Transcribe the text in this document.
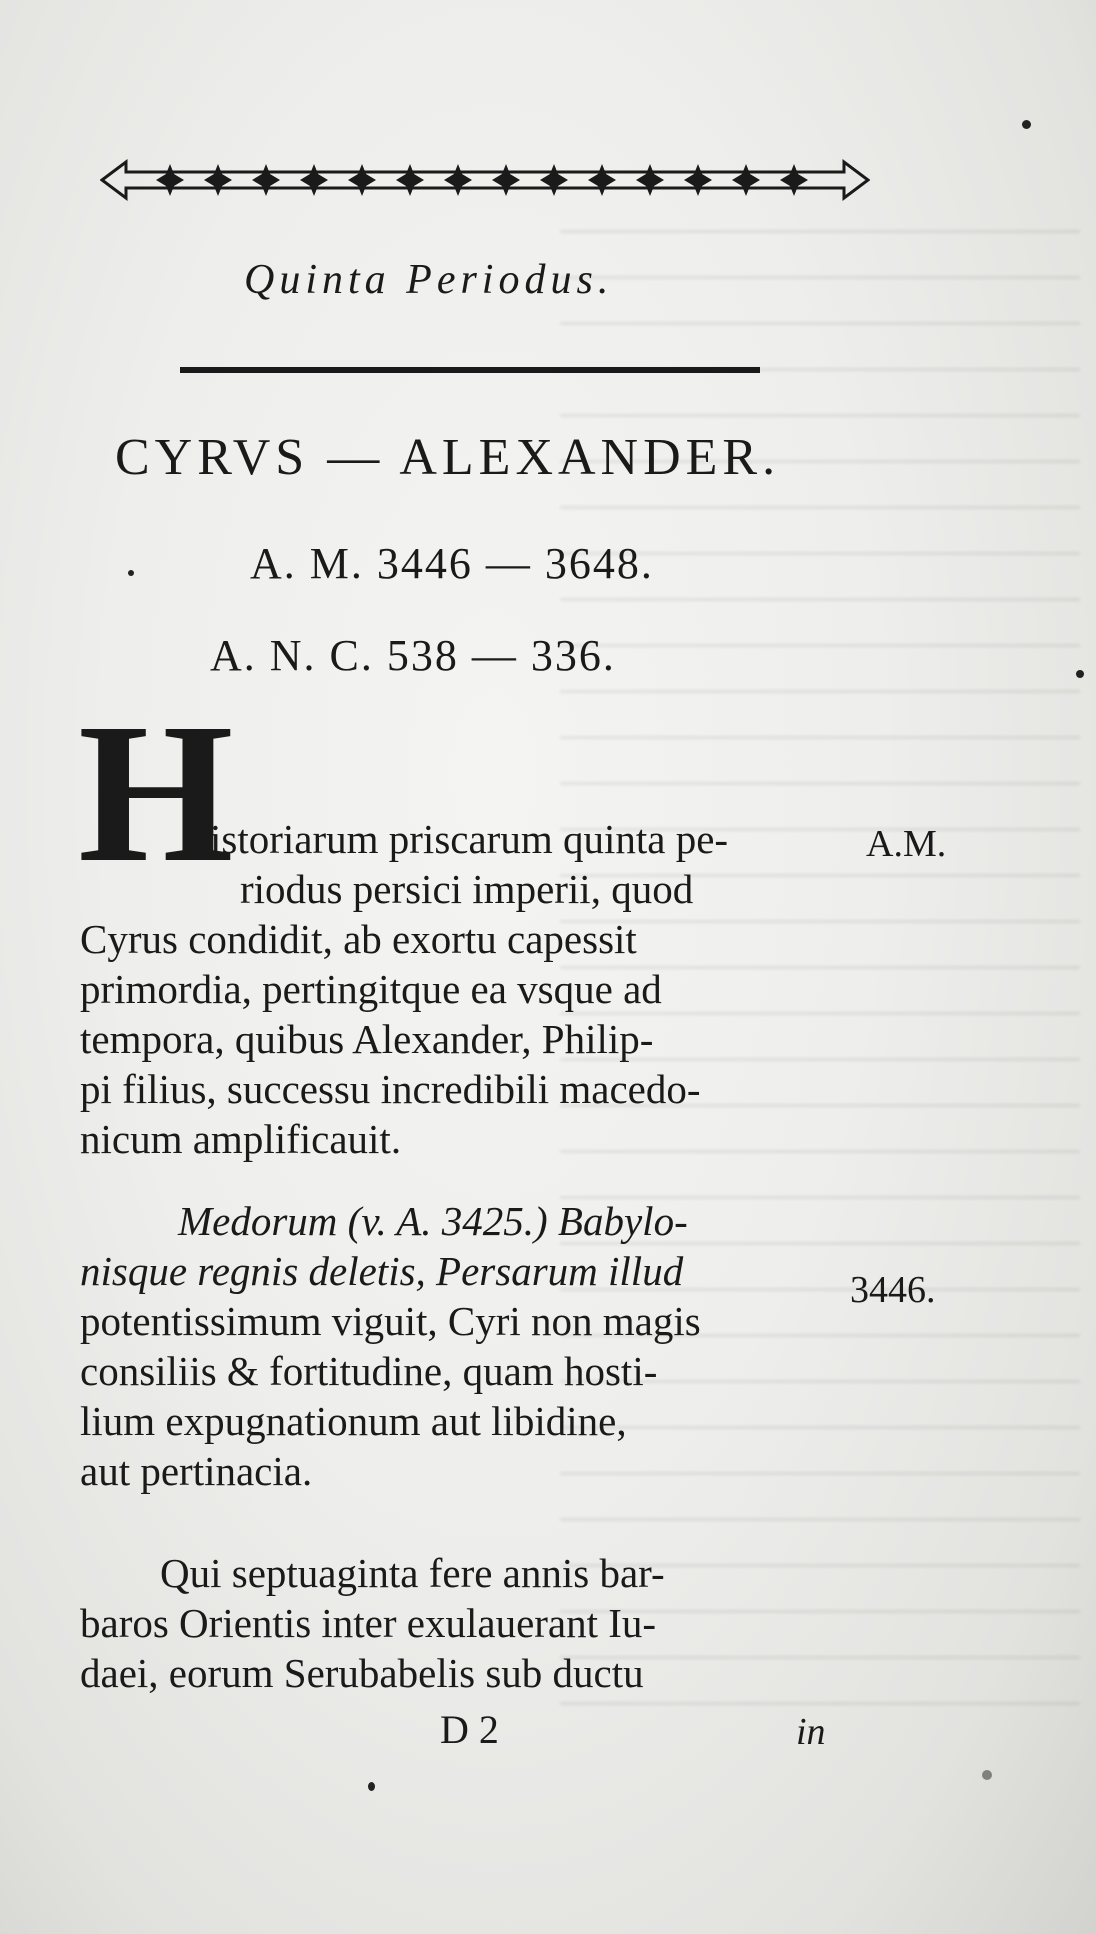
Quinta Periodus.
CYRVS — ALEXANDER.
A. M. 3446 — 3648.
A. N. C. 538 — 336.
H
istoriarum priscarum quinta pe-
riodus persici imperii, quod
Cyrus condidit, ab exortu capessit
primordia, pertingitque ea vsque ad
tempora, quibus Alexander, Philip-
pi filius, successu incredibili macedo-
nicum amplificauit.
Medorum (v. A. 3425.) Babylo-
nisque regnis deletis, Persarum illud
potentissimum viguit, Cyri non magis
consiliis & fortitudine, quam hosti-
lium expugnationum aut libidine,
aut pertinacia.
Qui septuaginta fere annis bar-
baros Orientis inter exulauerant Iu-
daei, eorum Serubabelis sub ductu
A.M.
3446.
D 2	in
